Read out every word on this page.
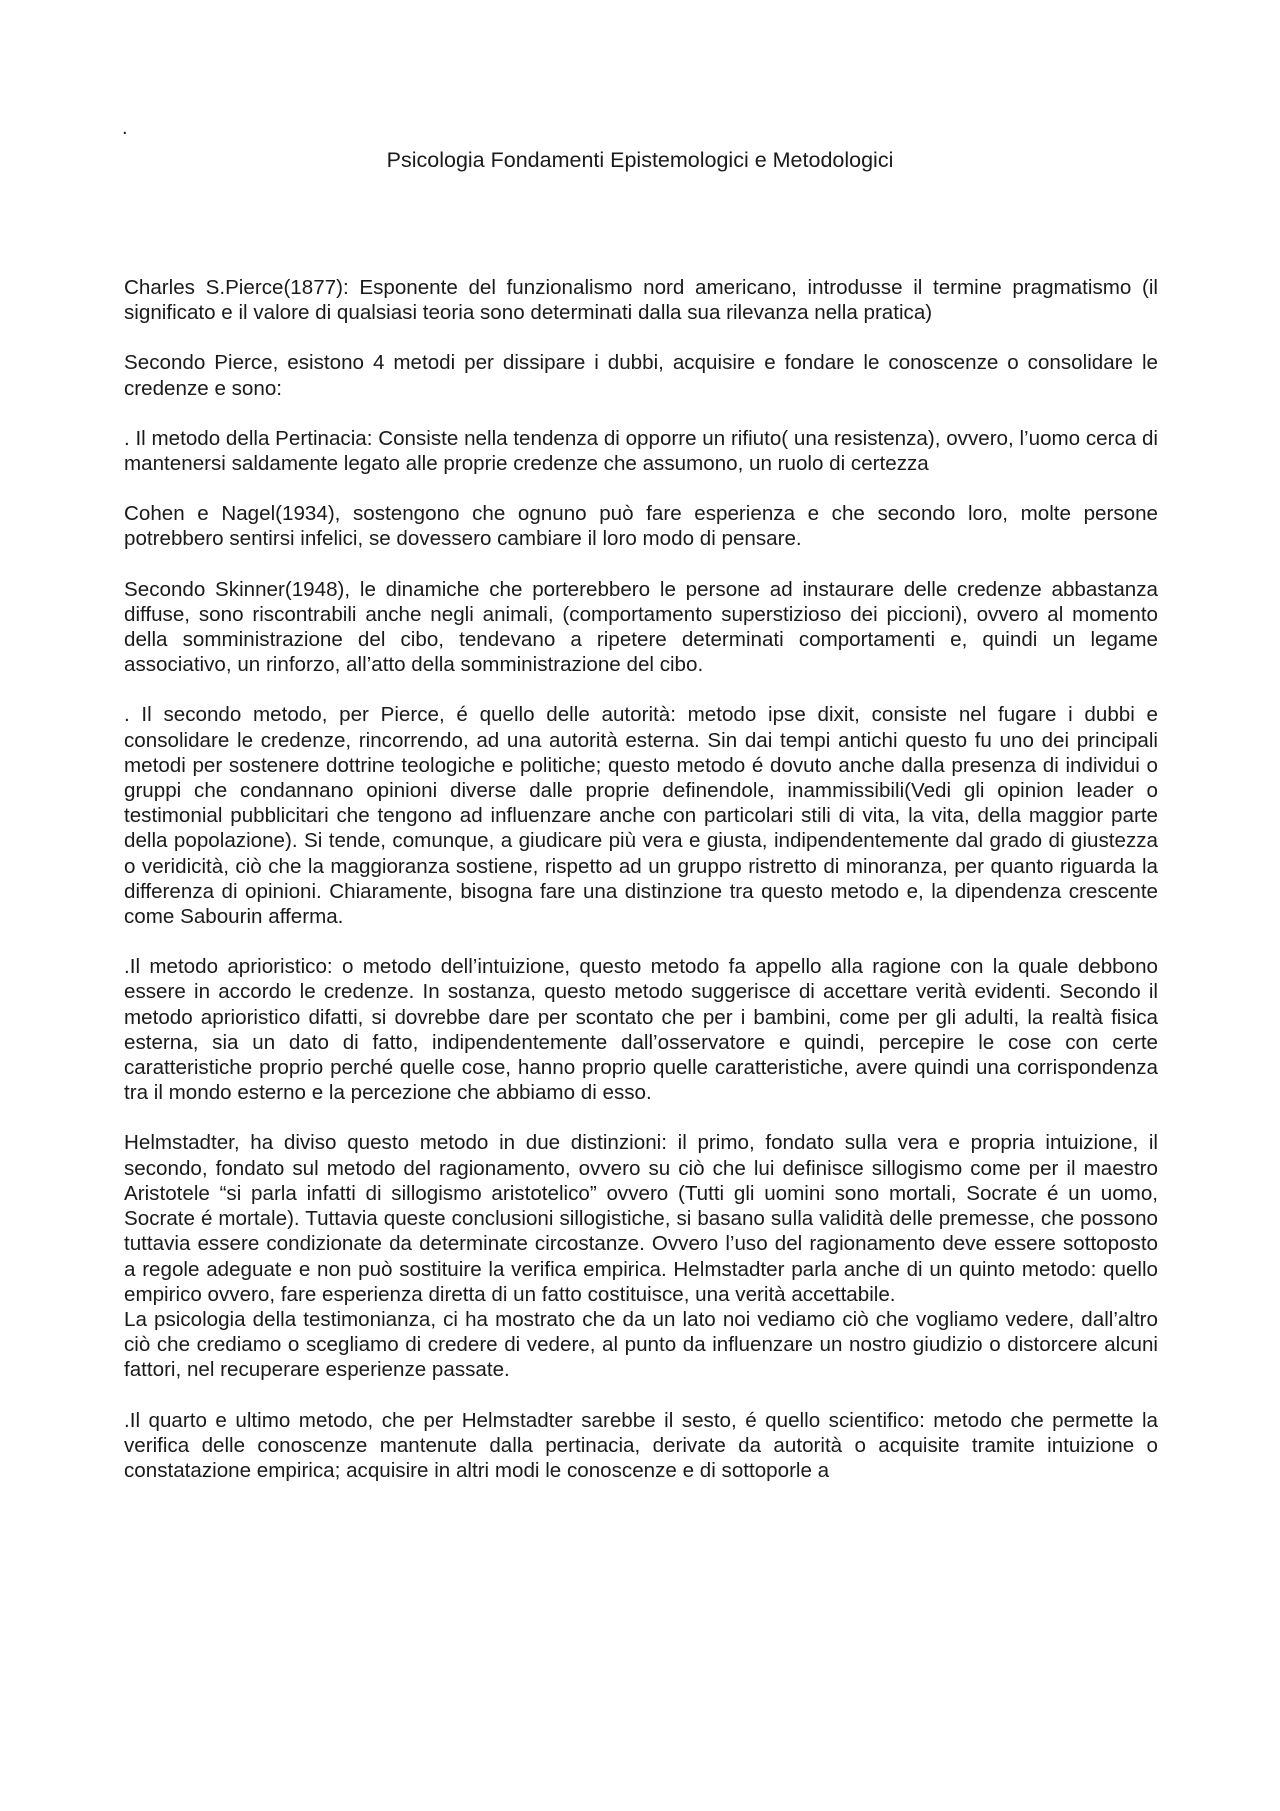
.
Psicologia Fondamenti Epistemologici e Metodologici

Charles S.Pierce(1877): Esponente del funzionalismo nord americano, introdusse il termine pragmatismo (il significato e il valore di qualsiasi teoria sono determinati dalla sua rilevanza nella pratica)

Secondo Pierce, esistono 4 metodi per dissipare i dubbi, acquisire e fondare le conoscenze o consolidare le credenze e sono:

. Il metodo della Pertinacia: Consiste nella tendenza di opporre un rifiuto( una resistenza), ovvero, l’uomo cerca di mantenersi saldamente legato alle proprie credenze che assumono, un ruolo di certezza

Cohen e Nagel(1934), sostengono che ognuno può fare esperienza e che secondo loro, molte persone potrebbero sentirsi infelici, se dovessero cambiare il loro modo di pensare.

Secondo Skinner(1948), le dinamiche che porterebbero le persone ad instaurare delle credenze abbastanza diffuse, sono riscontrabili anche negli animali, (comportamento superstizioso dei piccioni), ovvero al momento della somministrazione del cibo, tendevano a ripetere determinati comportamenti e, quindi un legame associativo, un rinforzo, all’atto della somministrazione del cibo.

. Il secondo metodo, per Pierce, é quello delle autorità: metodo ipse dixit, consiste nel fugare i dubbi e consolidare le credenze, rincorrendo, ad una autorità esterna. Sin dai tempi antichi questo fu uno dei principali metodi per sostenere dottrine teologiche e politiche; questo metodo é dovuto anche dalla presenza di individui o gruppi che condannano opinioni diverse dalle proprie definendole, inammissibili(Vedi gli opinion leader o testimonial pubblicitari che tengono ad influenzare anche con particolari stili di vita, la vita, della maggior parte della popolazione). Si tende, comunque, a giudicare più vera e giusta, indipendentemente dal grado di giustezza o veridicità, ciò che la maggioranza sostiene, rispetto ad un gruppo ristretto di minoranza, per quanto riguarda la differenza di opinioni. Chiaramente, bisogna fare una distinzione tra questo metodo e, la dipendenza crescente come Sabourin afferma.

.Il metodo aprioristico: o metodo dell’intuizione, questo metodo fa appello alla ragione con la quale debbono essere in accordo le credenze. In sostanza, questo metodo suggerisce di accettare verità evidenti. Secondo il metodo aprioristico difatti, si dovrebbe dare per scontato che per i bambini, come per gli adulti, la realtà fisica esterna, sia un dato di fatto, indipendentemente dall’osservatore e quindi, percepire le cose con certe caratteristiche proprio perché quelle cose, hanno proprio quelle caratteristiche, avere quindi una corrispondenza tra il mondo esterno e la percezione che abbiamo di esso.

Helmstadter, ha diviso questo metodo in due distinzioni: il primo, fondato sulla vera e propria intuizione, il secondo, fondato sul metodo del ragionamento, ovvero su ciò che lui definisce sillogismo come per il maestro Aristotele “si parla infatti di sillogismo aristotelico” ovvero (Tutti gli uomini sono mortali, Socrate é un uomo, Socrate é mortale). Tuttavia queste conclusioni sillogistiche, si basano sulla validità delle premesse, che possono tuttavia essere condizionate da determinate circostanze. Ovvero l’uso del ragionamento deve essere sottoposto a regole adeguate e non può sostituire la verifica empirica. Helmstadter parla anche di un quinto metodo: quello empirico ovvero, fare esperienza diretta di un fatto costituisce, una verità accettabile.

La psicologia della testimonianza, ci ha mostrato che da un lato noi vediamo ciò che vogliamo vedere, dall’altro ciò che crediamo o scegliamo di credere di vedere, al punto da influenzare un nostro giudizio o distorcere alcuni fattori, nel recuperare esperienze passate.

.Il quarto e ultimo metodo, che per Helmstadter sarebbe il sesto, é quello scientifico: metodo che permette la verifica delle conoscenze mantenute dalla pertinacia, derivate da autorità o acquisite tramite intuizione o constatazione empirica; acquisire in altri modi le conoscenze e di sottoporle a
